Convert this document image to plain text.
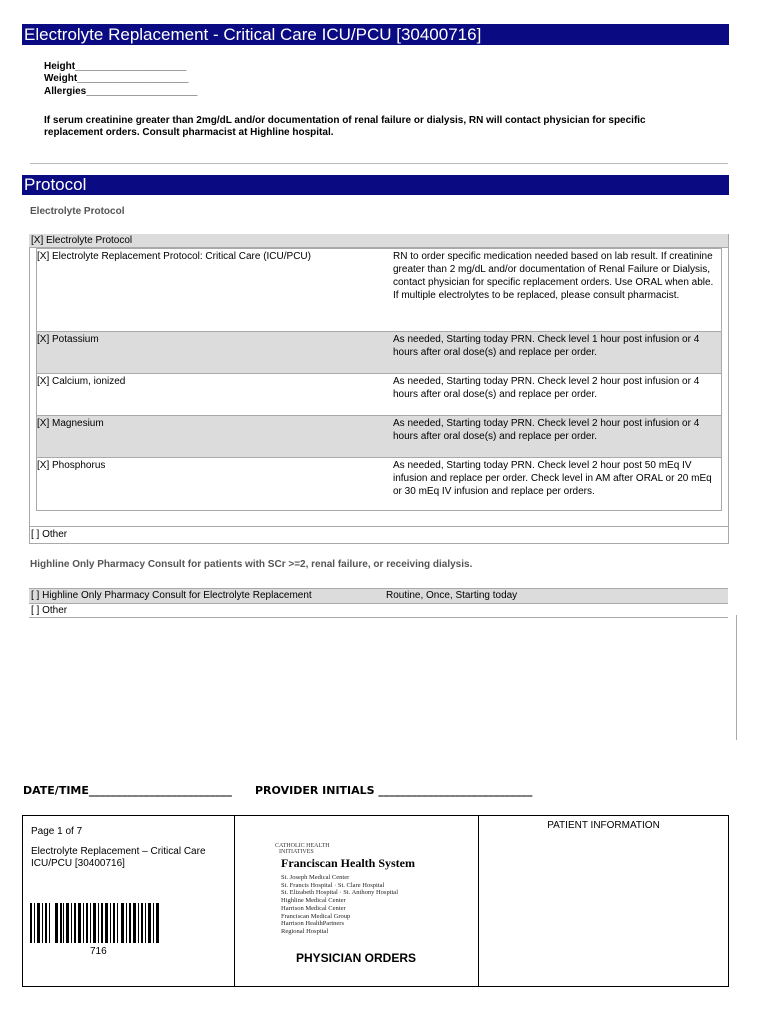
Electrolyte Replacement - Critical Care ICU/PCU [30400716]
Height____________________
Weight____________________
Allergies____________________
If serum creatinine greater than 2mg/dL and/or documentation of renal failure or dialysis, RN will contact physician for specific replacement orders. Consult pharmacist at Highline hospital.
Protocol
Electrolyte Protocol
[X] Electrolyte Protocol
[X] Electrolyte Replacement Protocol: Critical Care (ICU/PCU)	RN to order specific medication needed based on lab result. If creatinine greater than 2 mg/dL and/or documentation of Renal Failure or Dialysis, contact physician for specific replacement orders. Use ORAL when able. If multiple electrolytes to be replaced, please consult pharmacist.
[X] Potassium	As needed, Starting today PRN. Check level 1 hour post infusion or 4 hours after oral dose(s) and replace per order.
[X] Calcium, ionized	As needed, Starting today PRN. Check level 2 hour post infusion or 4 hours after oral dose(s) and replace per order.
[X] Magnesium	As needed, Starting today PRN. Check level 2 hour post infusion or 4 hours after oral dose(s) and replace per order.
[X] Phosphorus	As needed, Starting today PRN. Check level 2 hour post 50 mEq IV infusion and replace per order. Check level in AM after ORAL or 20 mEq or 30 mEq IV infusion and replace per orders.
[ ] Other
Highline Only Pharmacy Consult for patients with SCr >=2, renal failure, or receiving dialysis.
[ ] Highline Only Pharmacy Consult for Electrolyte Replacement	Routine, Once, Starting today
[ ] Other
DATE/TIME__________________________ PROVIDER INITIALS ____________________________
Page 1 of 7
Electrolyte Replacement – Critical Care ICU/PCU [30400716]
716
CATHOLIC HEALTH
INITIATIVES
Franciscan Health System
St. Joseph Medical Center
St. Francis Hospital · St. Clare Hospital
St. Elizabeth Hospital · St. Anthony Hospital
Highline Medical Center
Harrison Medical Center
Franciscan Medical Group
Harrison HealthPartners
Regional Hospital
PHYSICIAN ORDERS
PATIENT INFORMATION
